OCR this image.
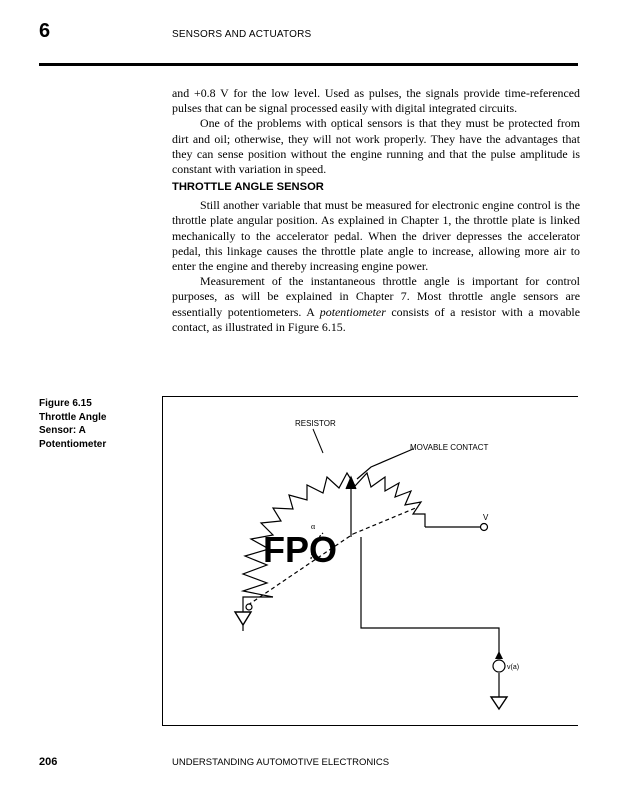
6	SENSORS AND ACTUATORS

and +0.8 V for the low level. Used as pulses, the signals provide time-referenced pulses that can be signal processed easily with digital integrated circuits.

One of the problems with optical sensors is that they must be protected from dirt and oil; otherwise, they will not work properly. They have the advantages that they can sense position without the engine running and that the pulse amplitude is constant with variation in speed.

THROTTLE ANGLE SENSOR

Still another variable that must be measured for electronic engine control is the throttle plate angular position. As explained in Chapter 1, the throttle plate is linked mechanically to the accelerator pedal. When the driver depresses the accelerator pedal, this linkage causes the throttle plate angle to increase, allowing more air to enter the engine and thereby increasing engine power.

Measurement of the instantaneous throttle angle is important for control purposes, as will be explained in Chapter 7. Most throttle angle sensors are essentially potentiometers. A potentiometer consists of a resistor with a movable contact, as illustrated in Figure 6.15.

Figure 6.15
Throttle Angle
Sensor: A
Potentiometer
RESISTOR
MOVABLE CONTACT
V
v(a)
α
FPO
206	UNDERSTANDING AUTOMOTIVE ELECTRONICS
